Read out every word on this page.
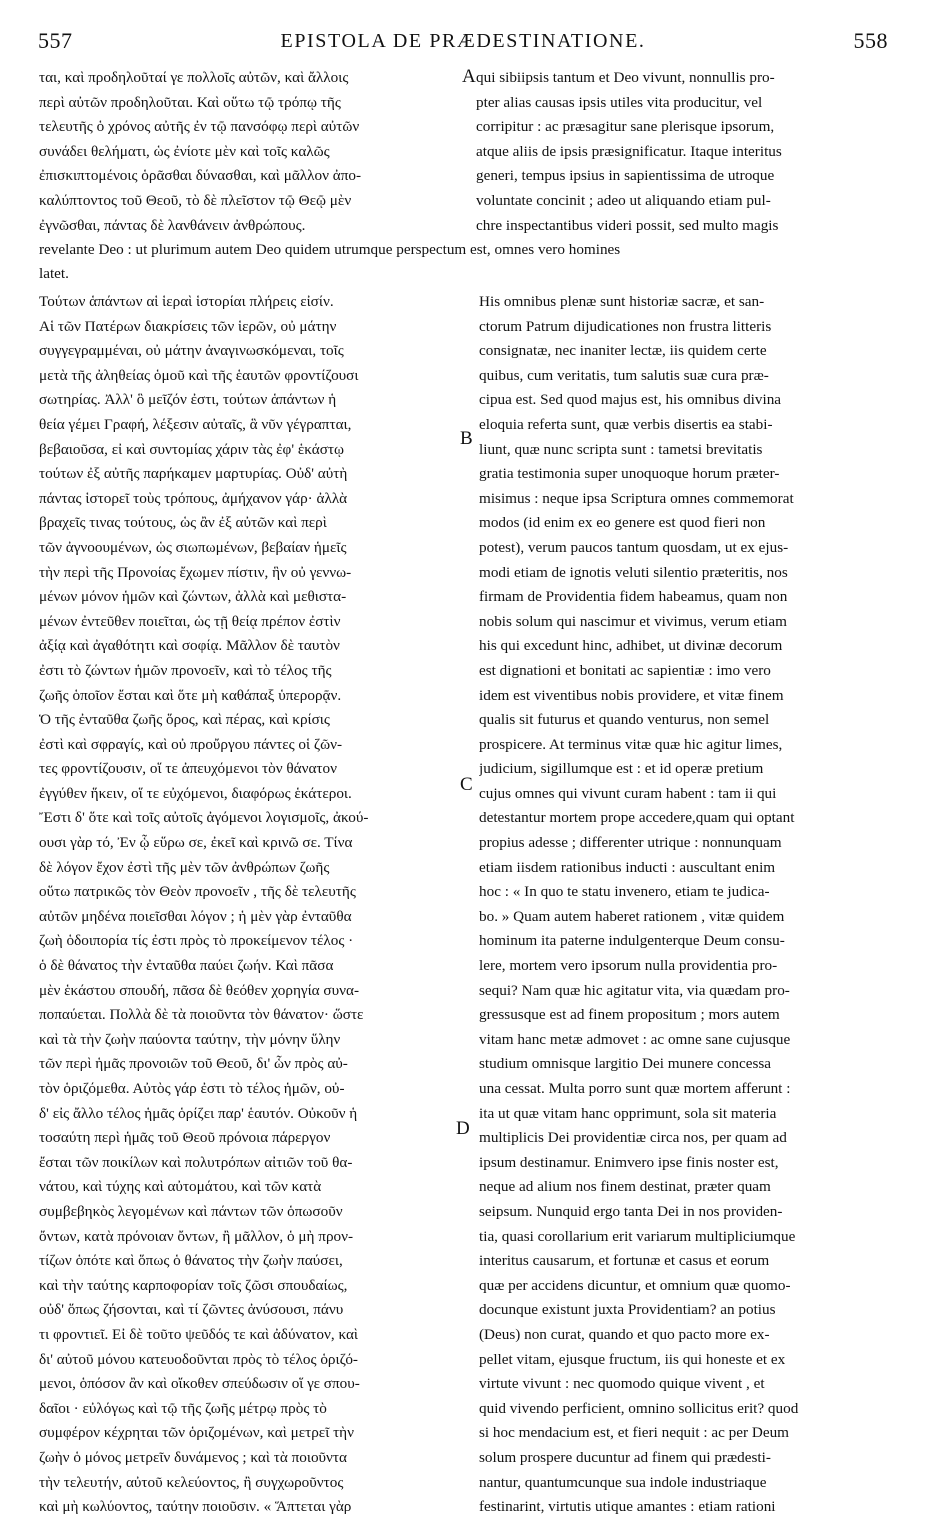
557	EPISTOLA DE PRÆDESTINATIONE.	558
A
B
C
D
ται, καὶ προδηλοῦταί γε πολλοῖς αὐτῶν, καὶ ἄλλοις
περὶ αὐτῶν προδηλοῦται. Καὶ οὕτω τῷ τρόπῳ τῆς
τελευτῆς ὁ χρόνος αὐτῆς ἐν τῷ πανσόφῳ περὶ αὐτῶν
συνάδει θελήματι, ὡς ἐνίοτε μὲν καὶ τοῖς καλῶς
ἐπισκιπτομένοις ὁρᾶσθαι δύνασθαι, καὶ μᾶλλον ἀπο-
καλύπτοντος τοῦ Θεοῦ, τὸ δὲ πλεῖστον τῷ Θεῷ μὲν
ἐγνῶσθαι, πάντας δὲ λανθάνειν ἀνθρώπους.
qui sibiipsis tantum et Deo vivunt, nonnullis pro-
pter alias causas ipsis utiles vita producitur, vel
corripitur : ac præsagitur sane plerisque ipsorum,
atque aliis de ipsis præsignificatur. Itaque interitus
generi, tempus ipsius in sapientissima de utroque
voluntate concinit ; adeo ut aliquando etiam pul-
chre inspectantibus videri possit, sed multo magis
revelante Deo : ut plurimum autem Deo quidem utrumque perspectum est, omnes vero homines
latet.
Τούτων ἁπάντων αἱ ἱεραὶ ἱστορίαι πλήρεις εἰσίν.
Αἱ τῶν Πατέρων διακρίσεις τῶν ἱερῶν, οὐ μάτην
συγγεγραμμέναι, οὐ μάτην ἀναγινωσκόμεναι, τοῖς
μετὰ τῆς ἀληθείας ὁμοῦ καὶ τῆς ἑαυτῶν φροντίζουσι
σωτηρίας. Ἀλλ' ὃ μεῖζόν ἐστι, τούτων ἁπάντων ἡ
θεία γέμει Γραφή, λέξεσιν αὐταῖς, ἃ νῦν γέγραπται,
βεβαιοῦσα, εἰ καὶ συντομίας χάριν τὰς ἐφ' ἑκάστῳ
τούτων ἐξ αὐτῆς παρήκαμεν μαρτυρίας. Οὐδ' αὐτὴ
πάντας ἱστορεῖ τοὺς τρόπους, ἀμήχανον γάρ· ἀλλὰ
βραχεῖς τινας τούτους, ὡς ἂν ἐξ αὐτῶν καὶ περὶ
τῶν ἀγνοουμένων, ὡς σιωπωμένων, βεβαίαν ἡμεῖς
τὴν περὶ τῆς Προνοίας ἔχωμεν πίστιν, ἣν οὐ γεννω-
μένων μόνον ἡμῶν καὶ ζώντων, ἀλλὰ καὶ μεθιστα-
μένων ἐντεῦθεν ποιεῖται, ὡς τῇ θείᾳ πρέπον ἐστὶν
ἀξίᾳ καὶ ἀγαθότητι καὶ σοφίᾳ. Μᾶλλον δὲ ταυτὸν
ἐστι τὸ ζώντων ἡμῶν προνοεῖν, καὶ τὸ τέλος τῆς
ζωῆς ὁποῖον ἔσται καὶ ὅτε μὴ καθάπαξ ὑπερορᾷν.
Ὁ τῆς ἐνταῦθα ζωῆς ὅρος, καὶ πέρας, καὶ κρίσις
ἐστὶ καὶ σφραγίς, καὶ οὐ προὔργου πάντες οἱ ζῶν-
τες φροντίζουσιν, οἵ τε ἀπευχόμενοι τὸν θάνατον
ἐγγύθεν ἥκειν, οἵ τε εὐχόμενοι, διαφόρως ἑκάτεροι.
Ἔστι δ' ὅτε καὶ τοῖς αὐτοῖς ἀγόμενοι λογισμοῖς, ἀκού-
ουσι γὰρ τό, Ἐν ᾧ εὕρω σε, ἐκεῖ καὶ κρινῶ σε. Τίνα
δὲ λόγον ἔχον ἐστὶ τῆς μὲν τῶν ἀνθρώπων ζωῆς
οὕτω πατρικῶς τὸν Θεὸν προνοεῖν , τῆς δὲ τελευτῆς
αὐτῶν μηδένα ποιεῖσθαι λόγον ; ἡ μὲν γὰρ ἐνταῦθα
ζωὴ ὁδοιπορία τίς ἐστι πρὸς τὸ προκείμενον τέλος ·
ὁ δὲ θάνατος τὴν ἐνταῦθα παύει ζωήν. Καὶ πᾶσα
μὲν ἑκάστου σπουδή, πᾶσα δὲ θεόθεν χορηγία συνα-
ποπαύεται. Πολλὰ δὲ τὰ ποιοῦντα τὸν θάνατον· ὥστε
καὶ τὰ τὴν ζωὴν παύοντα ταύτην, τὴν μόνην ὕλην
τῶν περὶ ἡμᾶς προνοιῶν τοῦ Θεοῦ, δι' ὧν πρὸς αὐ-
τὸν ὁριζόμεθα. Αὐτὸς γάρ ἐστι τὸ τέλος ἡμῶν, οὐ-
δ' εἰς ἄλλο τέλος ἡμᾶς ὁρίζει παρ' ἑαυτόν. Οὐκοῦν ἡ
τοσαύτη περὶ ἡμᾶς τοῦ Θεοῦ πρόνοια πάρεργον
ἔσται τῶν ποικίλων καὶ πολυτρόπων αἰτιῶν τοῦ θα-
νάτου, καὶ τύχης καὶ αὐτομάτου, καὶ τῶν κατὰ
συμβεβηκὸς λεγομένων καὶ πάντων τῶν ὁπωσοῦν
ὄντων, κατὰ πρόνοιαν ὄντων, ἢ μᾶλλον, ὁ μὴ προν-
τίζων ὁπότε καὶ ὅπως ὁ θάνατος τὴν ζωὴν παύσει,
καὶ τὴν ταύτης καρποφορίαν τοῖς ζῶσι σπουδαίως,
οὐδ' ὅπως ζήσονται, καὶ τί ζῶντες ἀνύσουσι, πάνυ
τι φροντιεῖ. Εἰ δὲ τοῦτο ψεῦδός τε καὶ ἀδύνατον, καὶ
δι' αὐτοῦ μόνου κατευοδοῦνται πρὸς τὸ τέλος ὁριζό-
μενοι, ὁπόσον ἂν καὶ οἴκοθεν σπεύδωσιν οἵ γε σπου-
δαῖοι · εὐλόγως καὶ τῷ τῆς ζωῆς μέτρῳ πρὸς τὸ
συμφέρον κέχρηται τῶν ὁριζομένων, καὶ μετρεῖ τὴν
ζωὴν ὁ μόνος μετρεῖν δυνάμενος ; καὶ τὰ ποιοῦντα
τὴν τελευτήν, αὐτοῦ κελεύοντος, ἢ συγχωροῦντος
καὶ μὴ κωλύοντος, ταύτην ποιοῦσιν. « Ἅπτεται γὰρ
His omnibus plenæ sunt historiæ sacræ, et san-
ctorum Patrum dijudicationes non frustra litteris
consignatæ, nec inaniter lectæ, iis quidem certe
quibus, cum veritatis, tum salutis suæ cura præ-
cipua est. Sed quod majus est, his omnibus divina
eloquia referta sunt, quæ verbis disertis ea stabi-
liunt, quæ nunc scripta sunt : tametsi brevitatis
gratia testimonia super unoquoque horum præter-
misimus : neque ipsa Scriptura omnes commemorat
modos (id enim ex eo genere est quod fieri non
potest), verum paucos tantum quosdam, ut ex ejus-
modi etiam de ignotis veluti silentio præteritis, nos
firmam de Providentia fidem habeamus, quam non
nobis solum qui nascimur et vivimus, verum etiam
his qui excedunt hinc, adhibet, ut divinæ decorum
est dignationi et bonitati ac sapientiæ : imo vero
idem est viventibus nobis providere, et vitæ finem
qualis sit futurus et quando venturus, non semel
prospicere. At terminus vitæ quæ hic agitur limes,
judicium, sigillumque est : et id operæ pretium
cujus omnes qui vivunt curam habent : tam ii qui
detestantur mortem prope accedere,quam qui optant
propius adesse ; differenter utrique : nonnunquam
etiam iisdem rationibus inducti : auscultant enim
hoc : « In quo te statu invenero, etiam te judica-
bo. » Quam autem haberet rationem , vitæ quidem
hominum ita paterne indulgenterque Deum consu-
lere, mortem vero ipsorum nulla providentia pro-
sequi? Nam quæ hic agitatur vita, via quædam pro-
gressusque est ad finem propositum ; mors autem
vitam hanc metæ admovet : ac omne sane cujusque
studium omnisque largitio Dei munere concessa
una cessat. Multa porro sunt quæ mortem afferunt :
ita ut quæ vitam hanc opprimunt, sola sit materia
multiplicis Dei providentiæ circa nos, per quam ad
ipsum destinamur. Enimvero ipse finis noster est,
neque ad alium nos finem destinat, præter quam
seipsum. Nunquid ergo tanta Dei in nos providen-
tia, quasi corollarium erit variarum multipliciumque
interitus causarum, et fortunæ et casus et eorum
quæ per accidens dicuntur, et omnium quæ quomo-
docunque existunt juxta Providentiam? an potius
(Deus) non curat, quando et quo pacto more ex-
pellet vitam, ejusque fructum, iis qui honeste et ex
virtute vivunt : nec quomodo quique vivent , et
quid vivendo perficient, omnino sollicitus erit? quod
si hoc mendacium est, et fieri nequit : ac per Deum
solum prospere ducuntur ad finem qui prædesti-
nantur, quantumcunque sua indole industriaque
festinarint, virtutis utique amantes : etiam rationi
